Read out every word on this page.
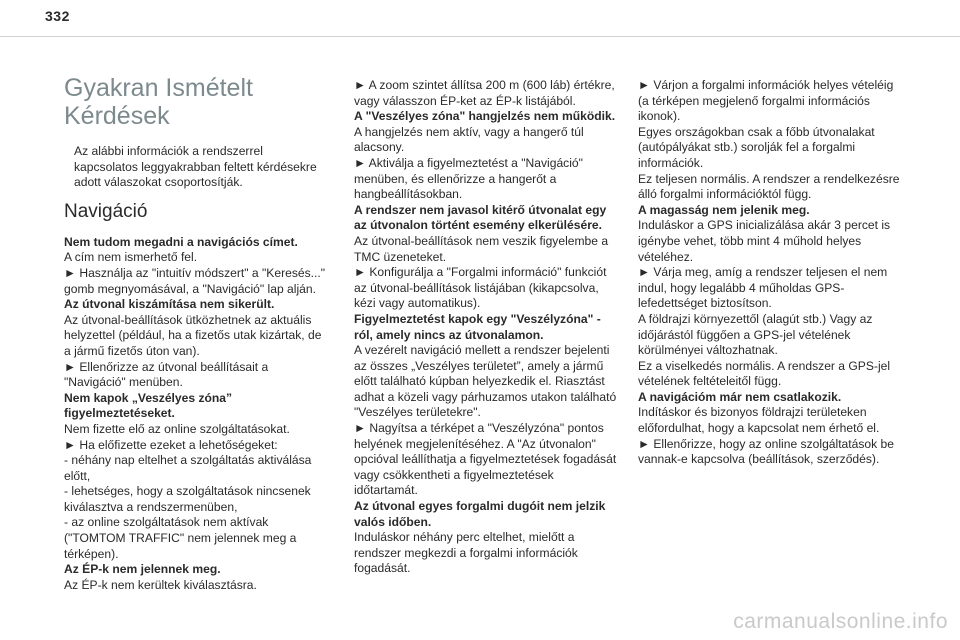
332
Gyakran Ismételt
Kérdések

Az alábbi információk a rendszerrel kapcsolatos leggyakrabban feltett kérdésekre adott válaszokat csoportosítják.

Navigáció

Nem tudom megadni a navigációs címet.

A cím nem ismerhető fel.

► Használja az "intuitív módszert" a "Keresés..." gomb megnyomásával, a "Navigáció" lap alján.

Az útvonal kiszámítása nem sikerült.

Az útvonal-beállítások ütközhetnek az aktuális helyzettel (például, ha a fizetős utak kizártak, de a jármű fizetős úton van).

► Ellenőrizze az útvonal beállításait a "Navigáció" menüben.

Nem kapok „Veszélyes zóna” figyelmeztetéseket.

Nem fizette elő az online szolgáltatásokat.

► Ha előfizette ezeket a lehetőségeket:

- néhány nap eltelhet a szolgáltatás aktiválása előtt,

- lehetséges, hogy a szolgáltatások nincsenek kiválasztva a rendszermenüben,

- az online szolgáltatások nem aktívak ("TOMTOM TRAFFIC" nem jelennek meg a térképen).

Az ÉP-k nem jelennek meg.

Az ÉP-k nem kerültek kiválasztásra.

► A zoom szintet állítsa 200 m (600 láb) értékre, vagy válasszon ÉP-ket az ÉP-k listájából.

A "Veszélyes zóna" hangjelzés nem működik.

A hangjelzés nem aktív, vagy a hangerő túl alacsony.

► Aktiválja a figyelmeztetést a "Navigáció" menüben, és ellenőrizze a hangerőt a hangbeállításokban.

A rendszer nem javasol kitérő útvonalat egy az útvonalon történt esemény elkerülésére.

Az útvonal-beállítások nem veszik figyelembe a TMC üzeneteket.

► Konfigurálja a "Forgalmi információ" funkciót az útvonal-beállítások listájában (kikapcsolva, kézi vagy automatikus).

Figyelmeztetést kapok egy "Veszélyzóna" -ról, amely nincs az útvonalamon.

A vezérelt navigáció mellett a rendszer bejelenti az összes „Veszélyes területet”, amely a jármű előtt található kúpban helyezkedik el. Riasztást adhat a közeli vagy párhuzamos utakon található "Veszélyes területekre".

► Nagyítsa a térképet a "Veszélyzóna" pontos helyének megjelenítéséhez. A "Az útvonalon" opcióval leállíthatja a figyelmeztetések fogadását vagy csökkentheti a figyelmeztetések időtartamát.

Az útvonal egyes forgalmi dugóit nem jelzik valós időben.

Induláskor néhány perc eltelhet, mielőtt a rendszer megkezdi a forgalmi információk fogadását.

► Várjon a forgalmi információk helyes vételéig (a térképen megjelenő forgalmi információs ikonok).

Egyes országokban csak a főbb útvonalakat (autópályákat stb.) sorolják fel a forgalmi információk.

Ez teljesen normális. A rendszer a rendelkezésre álló forgalmi információktól függ.

A magasság nem jelenik meg.

Induláskor a GPS inicializálása akár 3 percet is igénybe vehet, több mint 4 műhold helyes vételéhez.

► Várja meg, amíg a rendszer teljesen el nem indul, hogy legalább 4 műholdas GPS-lefedettséget biztosítson.

A földrajzi környezettől (alagút stb.) Vagy az időjárástól függően a GPS-jel vételének körülményei változhatnak.

Ez a viselkedés normális. A rendszer a GPS-jel vételének feltételeitől függ.

A navigációm már nem csatlakozik.

Indításkor és bizonyos földrajzi területeken előfordulhat, hogy a kapcsolat nem érhető el.

► Ellenőrizze, hogy az online szolgáltatások be vannak-e kapcsolva (beállítások, szerződés).

carmanualsonline.info
